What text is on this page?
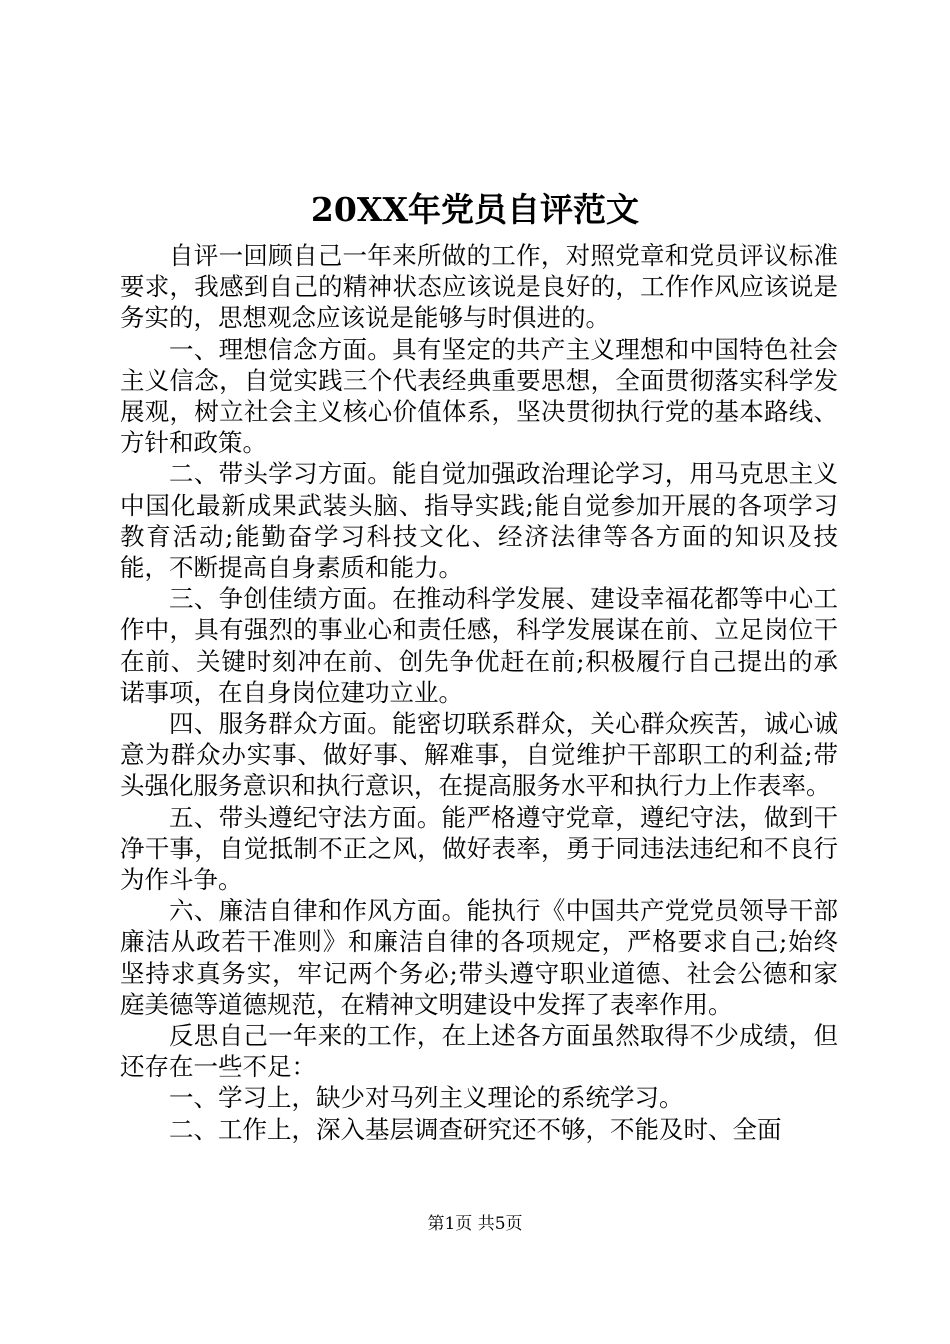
20XX年党员自评范文

自评一回顾自己一年来所做的工作，对照党章和党员评议标准要求，我感到自己的精神状态应该说是良好的，工作作风应该说是务实的，思想观念应该说是能够与时俱进的。

一、理想信念方面。具有坚定的共产主义理想和中国特色社会主义信念，自觉实践三个代表经典重要思想，全面贯彻落实科学发展观，树立社会主义核心价值体系，坚决贯彻执行党的基本路线、方针和政策。

二、带头学习方面。能自觉加强政治理论学习，用马克思主义中国化最新成果武装头脑、指导实践;能自觉参加开展的各项学习教育活动;能勤奋学习科技文化、经济法律等各方面的知识及技能，不断提高自身素质和能力。

三、争创佳绩方面。在推动科学发展、建设幸福花都等中心工作中，具有强烈的事业心和责任感，科学发展谋在前、立足岗位干在前、关键时刻冲在前、创先争优赶在前;积极履行自己提出的承诺事项，在自身岗位建功立业。

四、服务群众方面。能密切联系群众，关心群众疾苦，诚心诚意为群众办实事、做好事、解难事，自觉维护干部职工的利益;带头强化服务意识和执行意识，在提高服务水平和执行力上作表率。

五、带头遵纪守法方面。能严格遵守党章，遵纪守法，做到干净干事，自觉抵制不正之风，做好表率，勇于同违法违纪和不良行为作斗争。

六、廉洁自律和作风方面。能执行《中国共产党党员领导干部廉洁从政若干准则》和廉洁自律的各项规定，严格要求自己;始终坚持求真务实，牢记两个务必;带头遵守职业道德、社会公德和家庭美德等道德规范，在精神文明建设中发挥了表率作用。

反思自己一年来的工作，在上述各方面虽然取得不少成绩，但还存在一些不足：

一、学习上，缺少对马列主义理论的系统学习。

二、工作上，深入基层调查研究还不够，不能及时、全面

第1页 共5页
